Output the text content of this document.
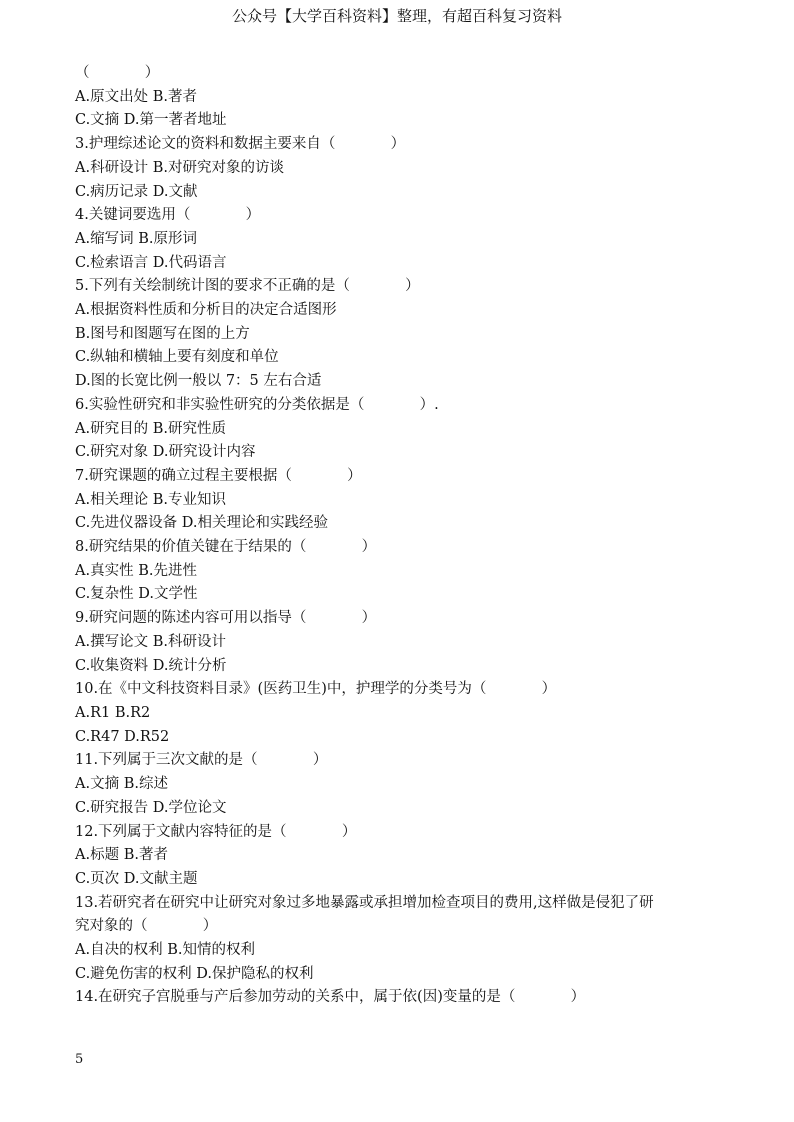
公众号【大学百科资料】整理，有超百科复习资料
（            ）
A.原文出处 B.著者
C.文摘 D.第一著者地址
3.护理综述论文的资料和数据主要来自（            ）
A.科研设计 B.对研究对象的访谈
C.病历记录 D.文献
4.关键词要选用（            ）
A.缩写词 B.原形词
C.检索语言 D.代码语言
5.下列有关绘制统计图的要求不正确的是（            ）
A.根据资料性质和分析目的决定合适图形
B.图号和图题写在图的上方
C.纵轴和横轴上要有刻度和单位
D.图的长宽比例一般以 7：5 左右合适
6.实验性研究和非实验性研究的分类依据是（            ）.
A.研究目的 B.研究性质
C.研究对象 D.研究设计内容
7.研究课题的确立过程主要根据（            ）
A.相关理论 B.专业知识
C.先进仪器设备 D.相关理论和实践经验
8.研究结果的价值关键在于结果的（            ）
A.真实性 B.先进性
C.复杂性 D.文学性
9.研究问题的陈述内容可用以指导（            ）
A.撰写论文 B.科研设计
C.收集资料 D.统计分析
10.在《中文科技资料目录》(医药卫生)中，护理学的分类号为（            ）
A.R1 B.R2
C.R47 D.R52
11.下列属于三次文献的是（            ）
A.文摘 B.综述
C.研究报告 D.学位论文
12.下列属于文献内容特征的是（            ）
A.标题 B.著者
C.页次 D.文献主题
13.若研究者在研究中让研究对象过多地暴露或承担增加检查项目的费用,这样做是侵犯了研
究对象的（            ）
A.自决的权利 B.知情的权利
C.避免伤害的权利 D.保护隐私的权利
14.在研究子宫脱垂与产后参加劳动的关系中，属于依(因)变量的是（            ）
5
